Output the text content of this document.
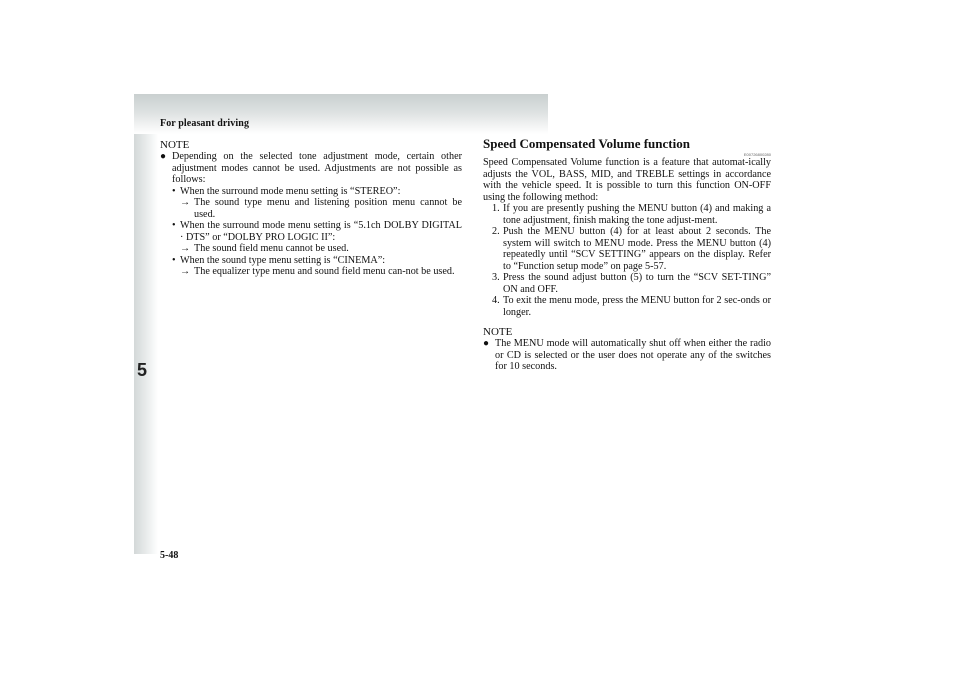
For pleasant driving
5
5-48
NOTE
● Depending on the selected tone adjustment mode, certain other adjustment modes cannot be used. Adjustments are not possible as follows:
• When the surround mode menu setting is “STEREO”:
→ The sound type menu and listening position menu cannot be used.
• When the surround mode menu setting is “5.1ch DOLBY DIGITAL · DTS” or “DOLBY PRO LOGIC II”:
→ The sound field menu cannot be used.
• When the sound type menu setting is “CINEMA”:
→ The equalizer type menu and sound field menu can-not be used.
Speed Compensated Volume function
E00726800280
Speed Compensated Volume function is a feature that automat-ically adjusts the VOL, BASS, MID, and TREBLE settings in accordance with the vehicle speed. It is possible to turn this function ON-OFF using the following method:
1. If you are presently pushing the MENU button (4) and making a tone adjustment, finish making the tone adjust-ment.
2. Push the MENU button (4) for at least about 2 seconds. The system will switch to MENU mode. Press the MENU button (4) repeatedly until “SCV SETTING” appears on the display. Refer to “Function setup mode” on page 5-57.
3. Press the sound adjust button (5) to turn the “SCV SET-TING” ON and OFF.
4. To exit the menu mode, press the MENU button for 2 sec-onds or longer.
NOTE
● The MENU mode will automatically shut off when either the radio or CD is selected or the user does not operate any of the switches for 10 seconds.
